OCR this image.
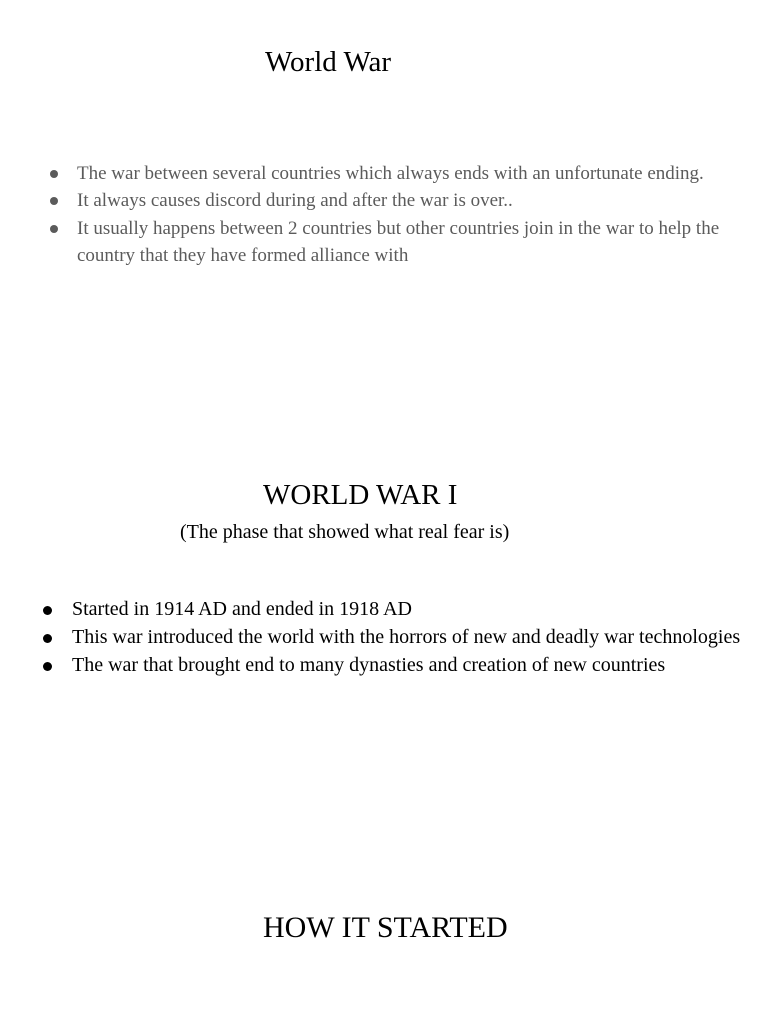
World War
The war between several countries which always ends with an unfortunate ending.
It always causes discord during and after the war is over..
It usually happens between 2 countries but other countries join in the war to help the country that they have formed alliance with
WORLD WAR I

(The phase that showed what real fear is)

Started in 1914 AD and ended in 1918 AD
This war introduced the world with the horrors of new and deadly war technologies
The war that brought end to many dynasties and creation of new countries
HOW IT STARTED
